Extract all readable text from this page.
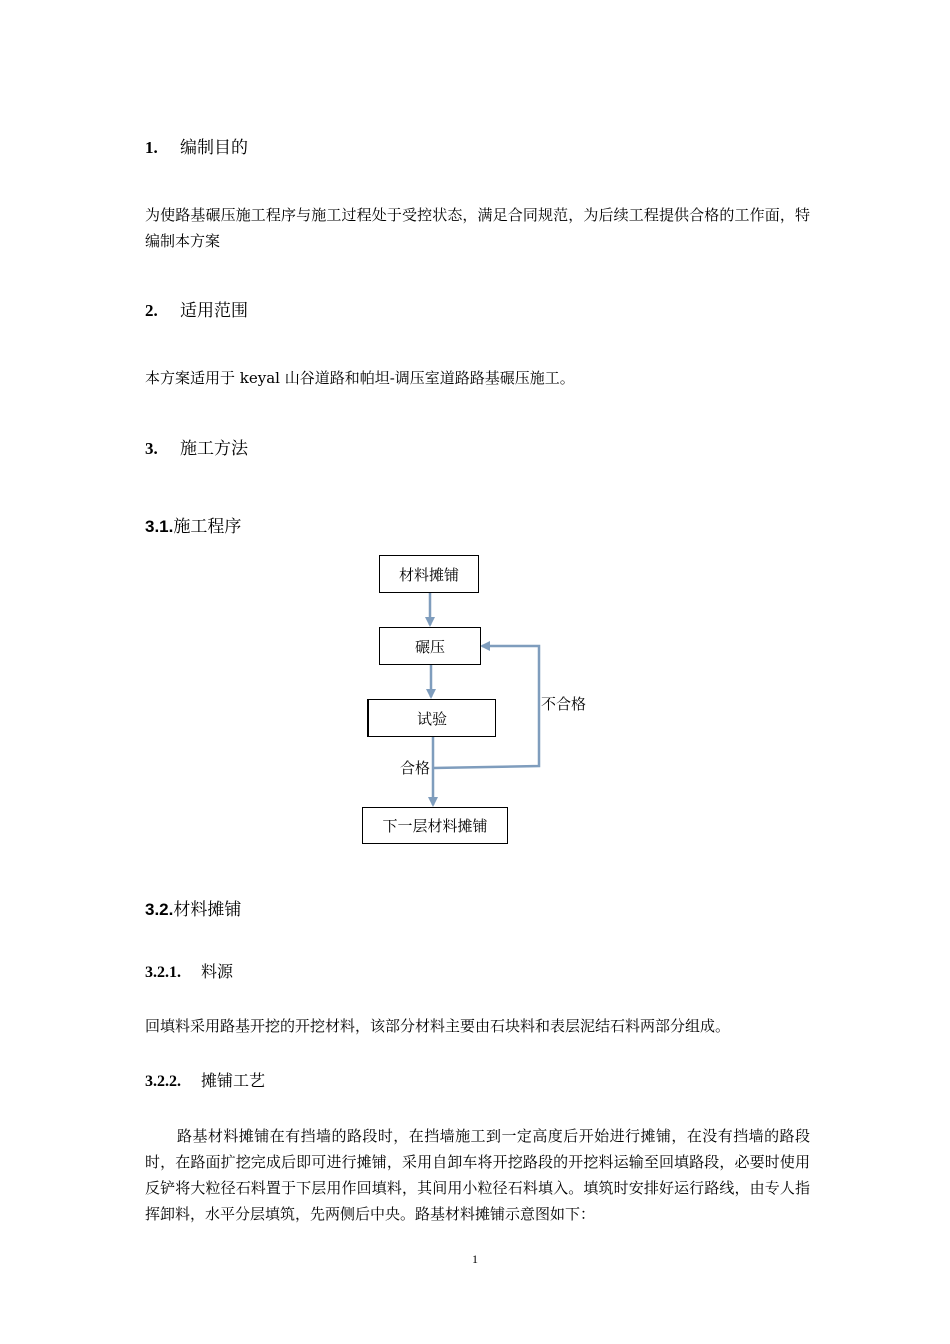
1. 编制目的
为使路基碾压施工程序与施工过程处于受控状态，满足合同规范，为后续工程提供合格的工作面，特编制本方案
2. 适用范围
本方案适用于 keyal 山谷道路和帕坦-调压室道路路基碾压施工。
3. 施工方法
3.1.施工程序
材料摊铺
碾压
试验
下一层材料摊铺
不合格
合格
3.2.材料摊铺
3.2.1. 料源
回填料采用路基开挖的开挖材料，该部分材料主要由石块料和表层泥结石料两部分组成。
3.2.2. 摊铺工艺
路基材料摊铺在有挡墙的路段时，在挡墙施工到一定高度后开始进行摊铺，在没有挡墙的路段时，在路面扩挖完成后即可进行摊铺，采用自卸车将开挖路段的开挖料运输至回填路段，必要时使用反铲将大粒径石料置于下层用作回填料，其间用小粒径石料填入。填筑时安排好运行路线，由专人指挥卸料，水平分层填筑，先两侧后中央。路基材料摊铺示意图如下：
1
